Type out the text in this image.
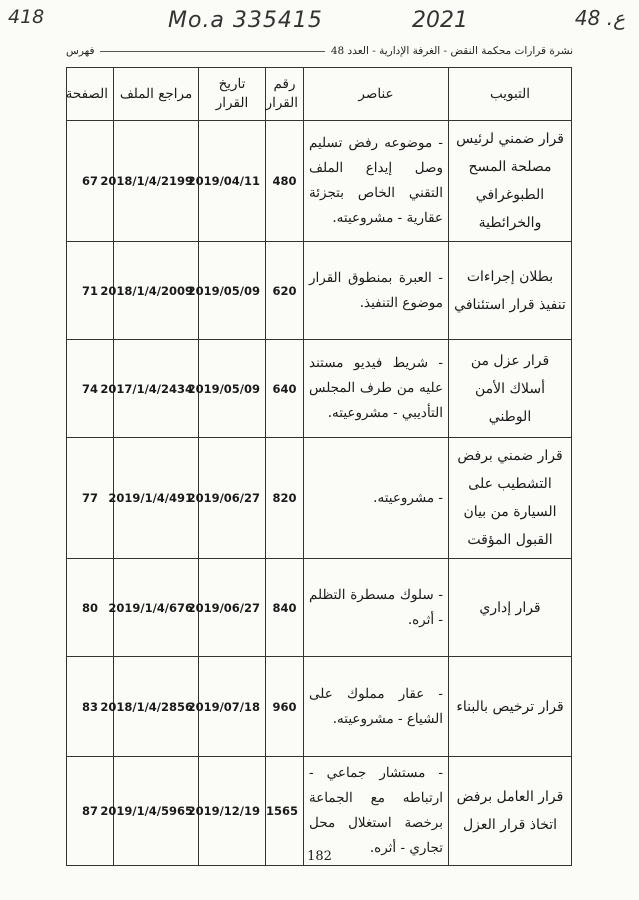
418	Mo.a 335415	2021	48 .ع
نشرة قرارات محكمة النقض - الغرفة الإدارية - العدد 48
فهرس
التبويب	عناصر	رقم القرار	تاريخ القرار	مراجع الملف	الصفحة
قرار ضمني لرئيس مصلحة المسح الطبوغرافي والخرائطية	- موضوعه رفض تسليم وصل إيداع الملف التقني الخاص بتجزئة عقارية - مشروعيته.	480	2019/04/11	2018/1/4/2199	67
بطلان إجراءات تنفيذ قرار استئنافي	- العبرة بمنطوق القرار موضوع التنفيذ.	620	2019/05/09	2018/1/4/2009	71
قرار عزل من أسلاك الأمن الوطني	- شريط فيديو مستند عليه من طرف المجلس التأديبي - مشروعيته.	640	2019/05/09	2017/1/4/2434	74
قرار ضمني برفض التشطيب على السيارة من بيان القبول المؤقت	- مشروعيته.	820	2019/06/27	2019/1/4/491	77
قرار إداري	- سلوك مسطرة التظلم - أثره.	840	2019/06/27	2019/1/4/676	80
قرار ترخيص بالبناء	- عقار مملوك على الشياع - مشروعيته.	960	2019/07/18	2018/1/4/2856	83
قرار العامل برفض اتخاذ قرار العزل	- مستشار جماعي - ارتباطه مع الجماعة برخصة استغلال محل تجاري - أثره.	1565	2019/12/19	2019/1/4/5965	87
182
